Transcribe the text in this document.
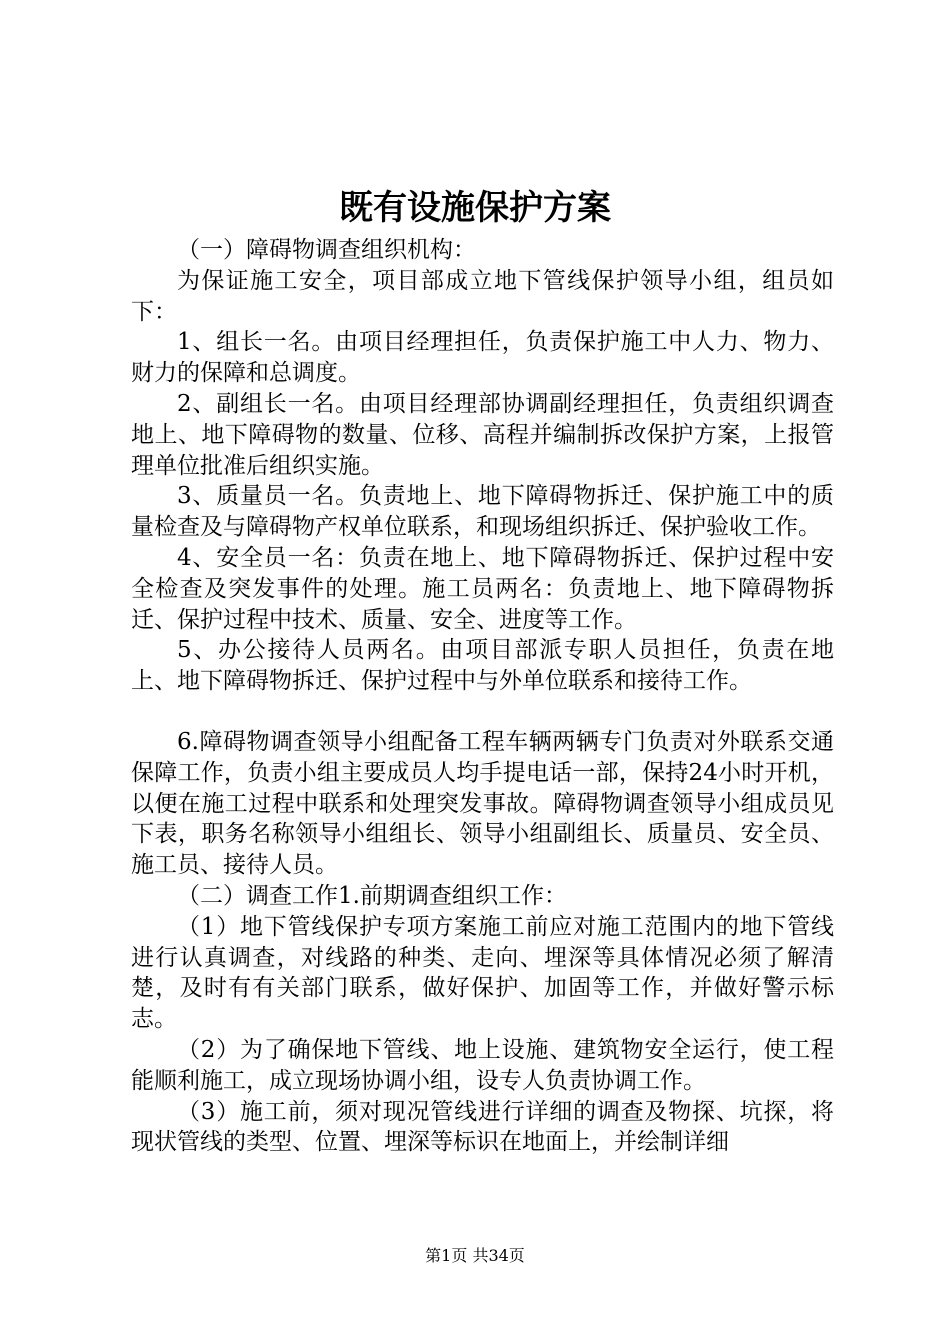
既有设施保护方案

（一）障碍物调查组织机构：

为保证施工安全，项目部成立地下管线保护领导小组，组员如下：

1、组长一名。由项目经理担任，负责保护施工中人力、物力、财力的保障和总调度。

2、副组长一名。由项目经理部协调副经理担任，负责组织调查地上、地下障碍物的数量、位移、高程并编制拆改保护方案，上报管理单位批准后组织实施。

3、质量员一名。负责地上、地下障碍物拆迁、保护施工中的质量检查及与障碍物产权单位联系，和现场组织拆迁、保护验收工作。

4、安全员一名：负责在地上、地下障碍物拆迁、保护过程中安全检查及突发事件的处理。施工员两名：负责地上、地下障碍物拆迁、保护过程中技术、质量、安全、进度等工作。

5、办公接待人员两名。由项目部派专职人员担任，负责在地上、地下障碍物拆迁、保护过程中与外单位联系和接待工作。

6.障碍物调查领导小组配备工程车辆两辆专门负责对外联系交通保障工作，负责小组主要成员人均手提电话一部，保持24小时开机，以便在施工过程中联系和处理突发事故。障碍物调查领导小组成员见下表，职务名称领导小组组长、领导小组副组长、质量员、安全员、施工员、接待人员。

（二）调查工作1.前期调查组织工作：

（1）地下管线保护专项方案施工前应对施工范围内的地下管线进行认真调查，对线路的种类、走向、埋深等具体情况必须了解清楚，及时有有关部门联系，做好保护、加固等工作，并做好警示标志。

（2）为了确保地下管线、地上设施、建筑物安全运行，使工程能顺利施工，成立现场协调小组，设专人负责协调工作。

（3）施工前，须对现况管线进行详细的调查及物探、坑探，将现状管线的类型、位置、埋深等标识在地面上，并绘制详细

第1页 共34页
